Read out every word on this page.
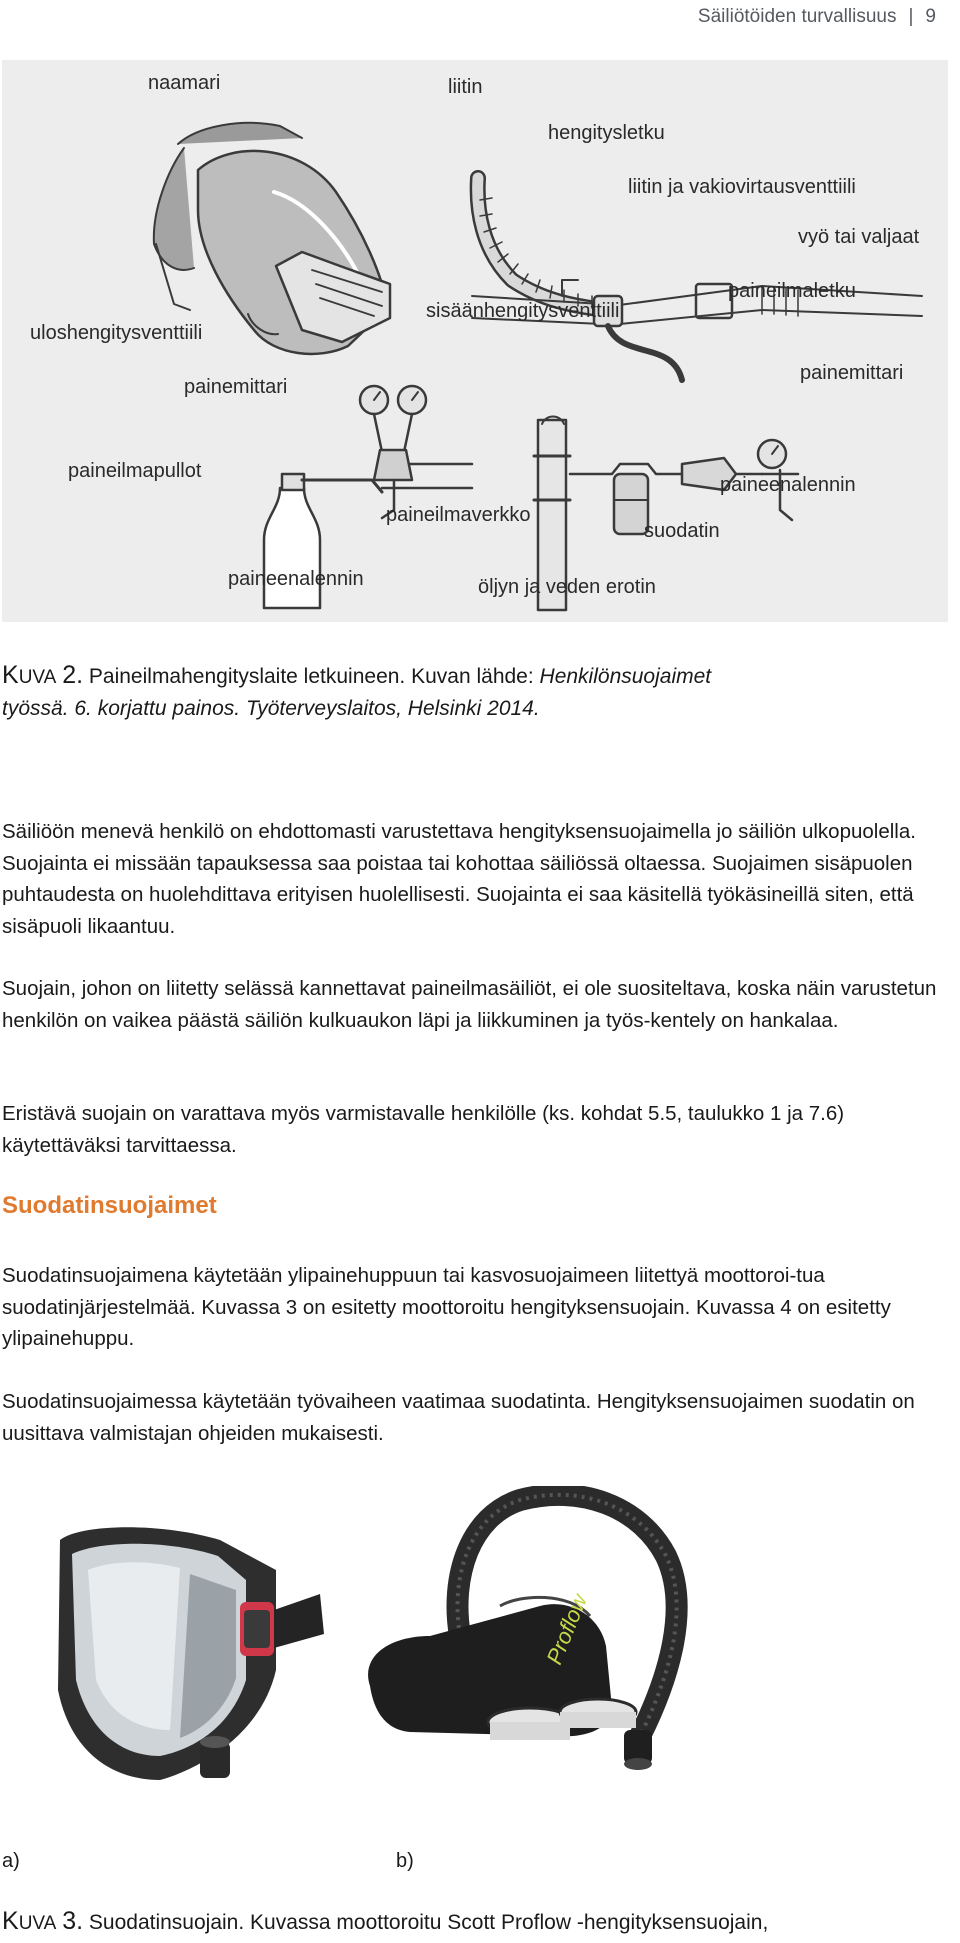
Säiliötöiden turvallisuus | 9
naamari	liitin
hengitysletku
liitin ja vakiovirtausventtiili
vyö tai valjaat
paineilmaletku
uloshengitysventtiili
sisäänhengitysventtiili
painemittari
painemittari
paineilmapullot
paineilmaverkko
suodatin
paineenalennin
paineenalennin	öljyn ja veden erotin
KUVA 2. Paineilmahengityslaite letkuineen. Kuvan lähde: Henkilönsuojaimet
työssä. 6. korjattu painos. Työterveyslaitos, Helsinki 2014.

Säiliöön menevä henkilö on ehdottomasti varustettava hengityksensuojaimella jo säiliön ulkopuolella. Suojainta ei missään tapauksessa saa poistaa tai kohottaa säiliössä oltaessa. Suojaimen sisäpuolen puhtaudesta on huolehdittava erityisen huolellisesti. Suojainta ei saa käsitellä työkäsineillä siten, että sisäpuoli likaantuu.

Suojain, johon on liitetty selässä kannettavat paineilmasäiliöt, ei ole suositeltava, koska näin varustetun henkilön on vaikea päästä säiliön kulkuaukon läpi ja liikkuminen ja työs-kentely on hankalaa.

Eristävä suojain on varattava myös varmistavalle henkilölle (ks. kohdat 5.5, taulukko 1 ja 7.6) käytettäväksi tarvittaessa.

Suodatinsuojaimet

Suodatinsuojaimena käytetään ylipainehuppuun tai kasvosuojaimeen liitettyä moottoroi-tua suodatinjärjestelmää. Kuvassa 3 on esitetty moottoroitu hengityksensuojain. Kuvassa 4 on esitetty ylipainehuppu.

Suodatinsuojaimessa käytetään työvaiheen vaatimaa suodatinta. Hengityksensuojaimen suodatin on uusittava valmistajan ohjeiden mukaisesti.

Proflow
a)	b)
KUVA 3. Suodatinsuojain. Kuvassa moottoroitu Scott Proflow -hengityksensuojain,
